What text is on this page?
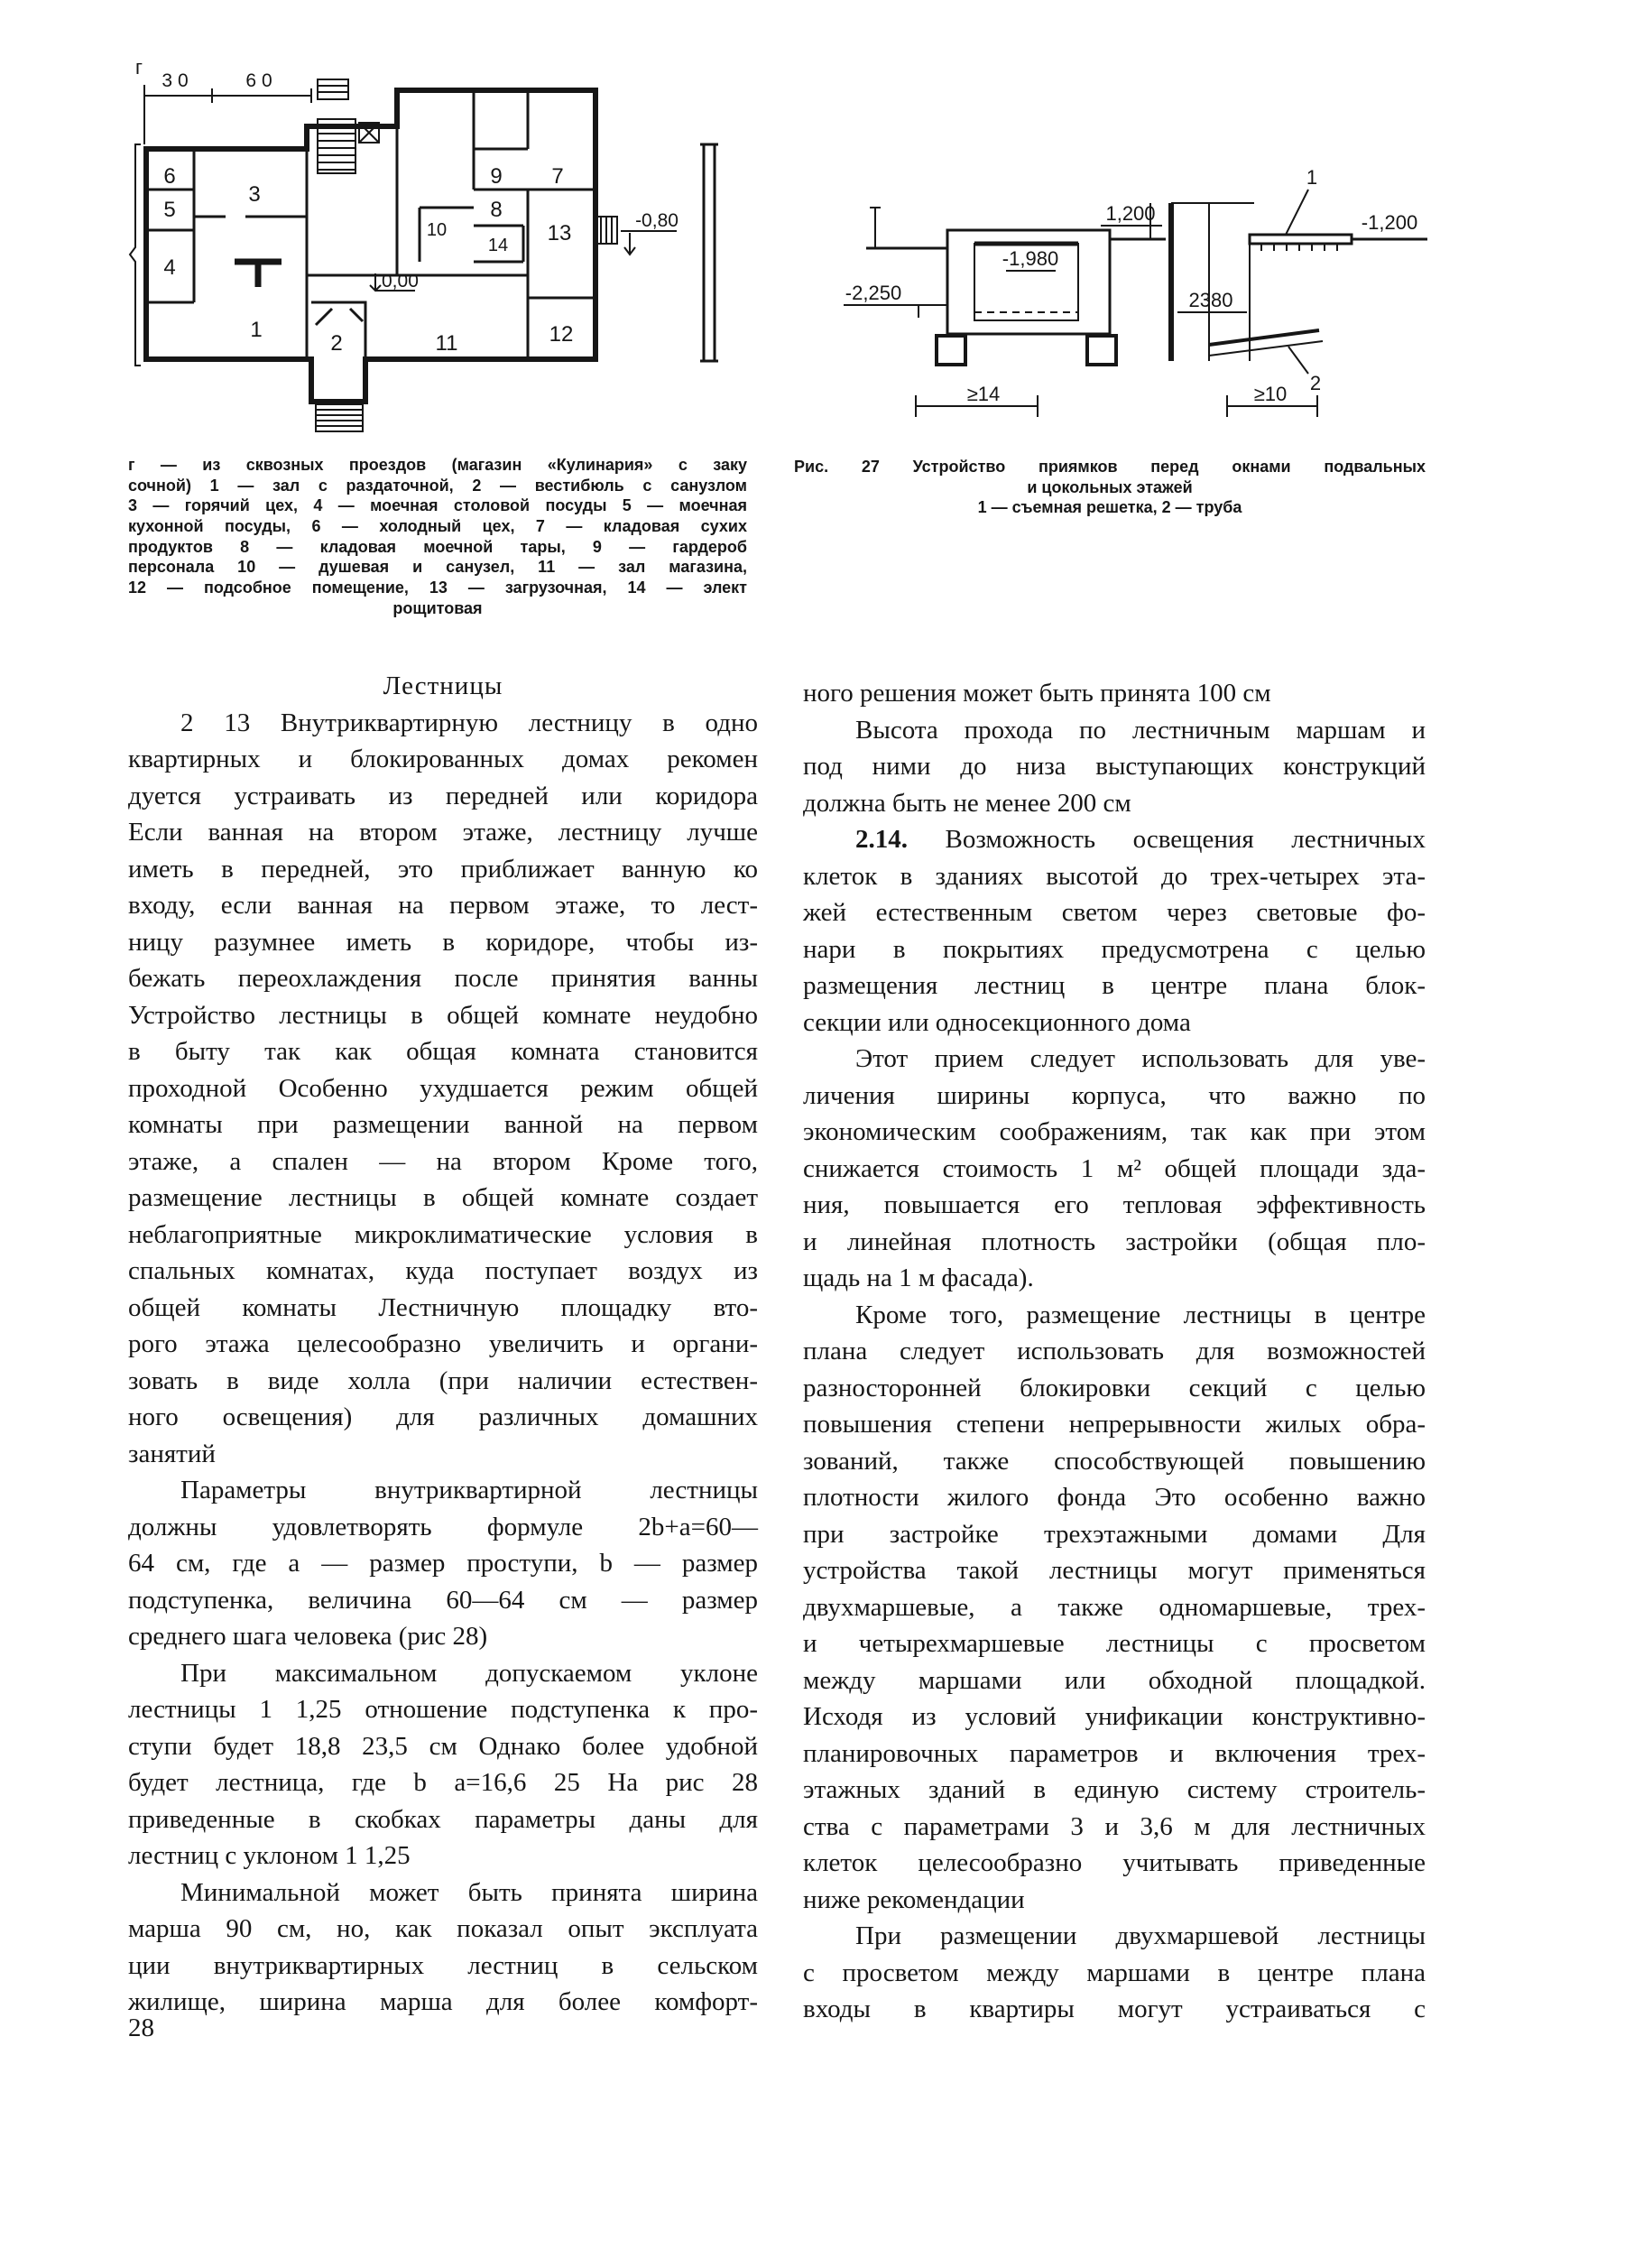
г
30	60
0,00
-0,80
1
2
3
4
5
6	7
8
9
10
11	12
13
14
г — из сквозных проездов (магазин «Кулинария» с заку
сочной) 1 — зал с раздаточной, 2 — вестибюль с санузлом
3 — горячий цех, 4 — моечная столовой посуды 5 — моечная
кухонной посуды, 6 — холодный цех, 7 — кладовая сухих
продуктов 8 — кладовая моечной тары, 9 — гардероб
персонала 10 — душевая и санузел, 11 — зал магазина,
12 — подсобное помещение, 13 — загрузочная, 14 — элект
рощитовая
1,200
-2,250
-1,980
≥14
1
-1,200
2380
2
≥10
Рис. 27 Устройство приямков перед окнами подвальных
и цокольных этажей
1 — съемная решетка, 2 — труба
Лестницы
2 13 Внутриквартирную лестницу в одно
квартирных и блокированных домах рекомен
дуется устраивать из передней или коридора
Если ванная на втором этаже, лестницу лучше
иметь в передней, это приближает ванную ко
входу, если ванная на первом этаже, то лест-
ницу разумнее иметь в коридоре, чтобы из-
бежать переохлаждения после принятия ванны
Устройство лестницы в общей комнате неудобно
в быту так как общая комната становится
проходной Особенно ухудшается режим общей
комнаты при размещении ванной на первом
этаже, а спален — на втором Кроме того,
размещение лестницы в общей комнате создает
неблагоприятные микроклиматические условия в
спальных комнатах, куда поступает воздух из
общей комнаты Лестничную площадку вто-
рого этажа целесообразно увеличить и органи-
зовать в виде холла (при наличии естествен-
ного освещения) для различных домашних
занятий
Параметры внутриквартирной лестницы
должны удовлетворять формуле 2b+a=60—
64 см, где a — размер проступи, b — размер
подступенка, величина 60—64 см — размер
среднего шага человека (рис 28)
При максимальном допускаемом уклоне
лестницы 1 1,25 отношение подступенка к про-
ступи будет 18,8 23,5 см Однако более удобной
будет лестница, где b a=16,6 25 На рис 28
приведенные в скобках параметры даны для
лестниц с уклоном 1 1,25
Минимальной может быть принята ширина
марша 90 см, но, как показал опыт эксплуата
ции внутриквартирных лестниц в сельском
жилище, ширина марша для более комфорт-
ного решения может быть принята 100 см
Высота прохода по лестничным маршам и
под ними до низа выступающих конструкций
должна быть не менее 200 см
2.14. Возможность освещения лестничных
клеток в зданиях высотой до трех-четырех эта-
жей естественным светом через световые фо-
нари в покрытиях предусмотрена с целью
размещения лестниц в центре плана блок-
секции или односекционного дома
Этот прием следует использовать для уве-
личения ширины корпуса, что важно по
экономическим соображениям, так как при этом
снижается стоимость 1 м² общей площади зда-
ния, повышается его тепловая эффективность
и линейная плотность застройки (общая пло-
щадь на 1 м фасада).
Кроме того, размещение лестницы в центре
плана следует использовать для возможностей
разносторонней блокировки секций с целью
повышения степени непрерывности жилых обра-
зований, также способствующей повышению
плотности жилого фонда Это особенно важно
при застройке трехэтажными домами Для
устройства такой лестницы могут применяться
двухмаршевые, а также одномаршевые, трех-
и четырехмаршевые лестницы с просветом
между маршами или обходной площадкой.
Исходя из условий унификации конструктивно-
планировочных параметров и включения трех-
этажных зданий в единую систему строитель-
ства с параметрами 3 и 3,6 м для лестничных
клеток целесообразно учитывать приведенные
ниже рекомендации
При размещении двухмаршевой лестницы
с просветом между маршами в центре плана
входы в квартиры могут устраиваться с
28
